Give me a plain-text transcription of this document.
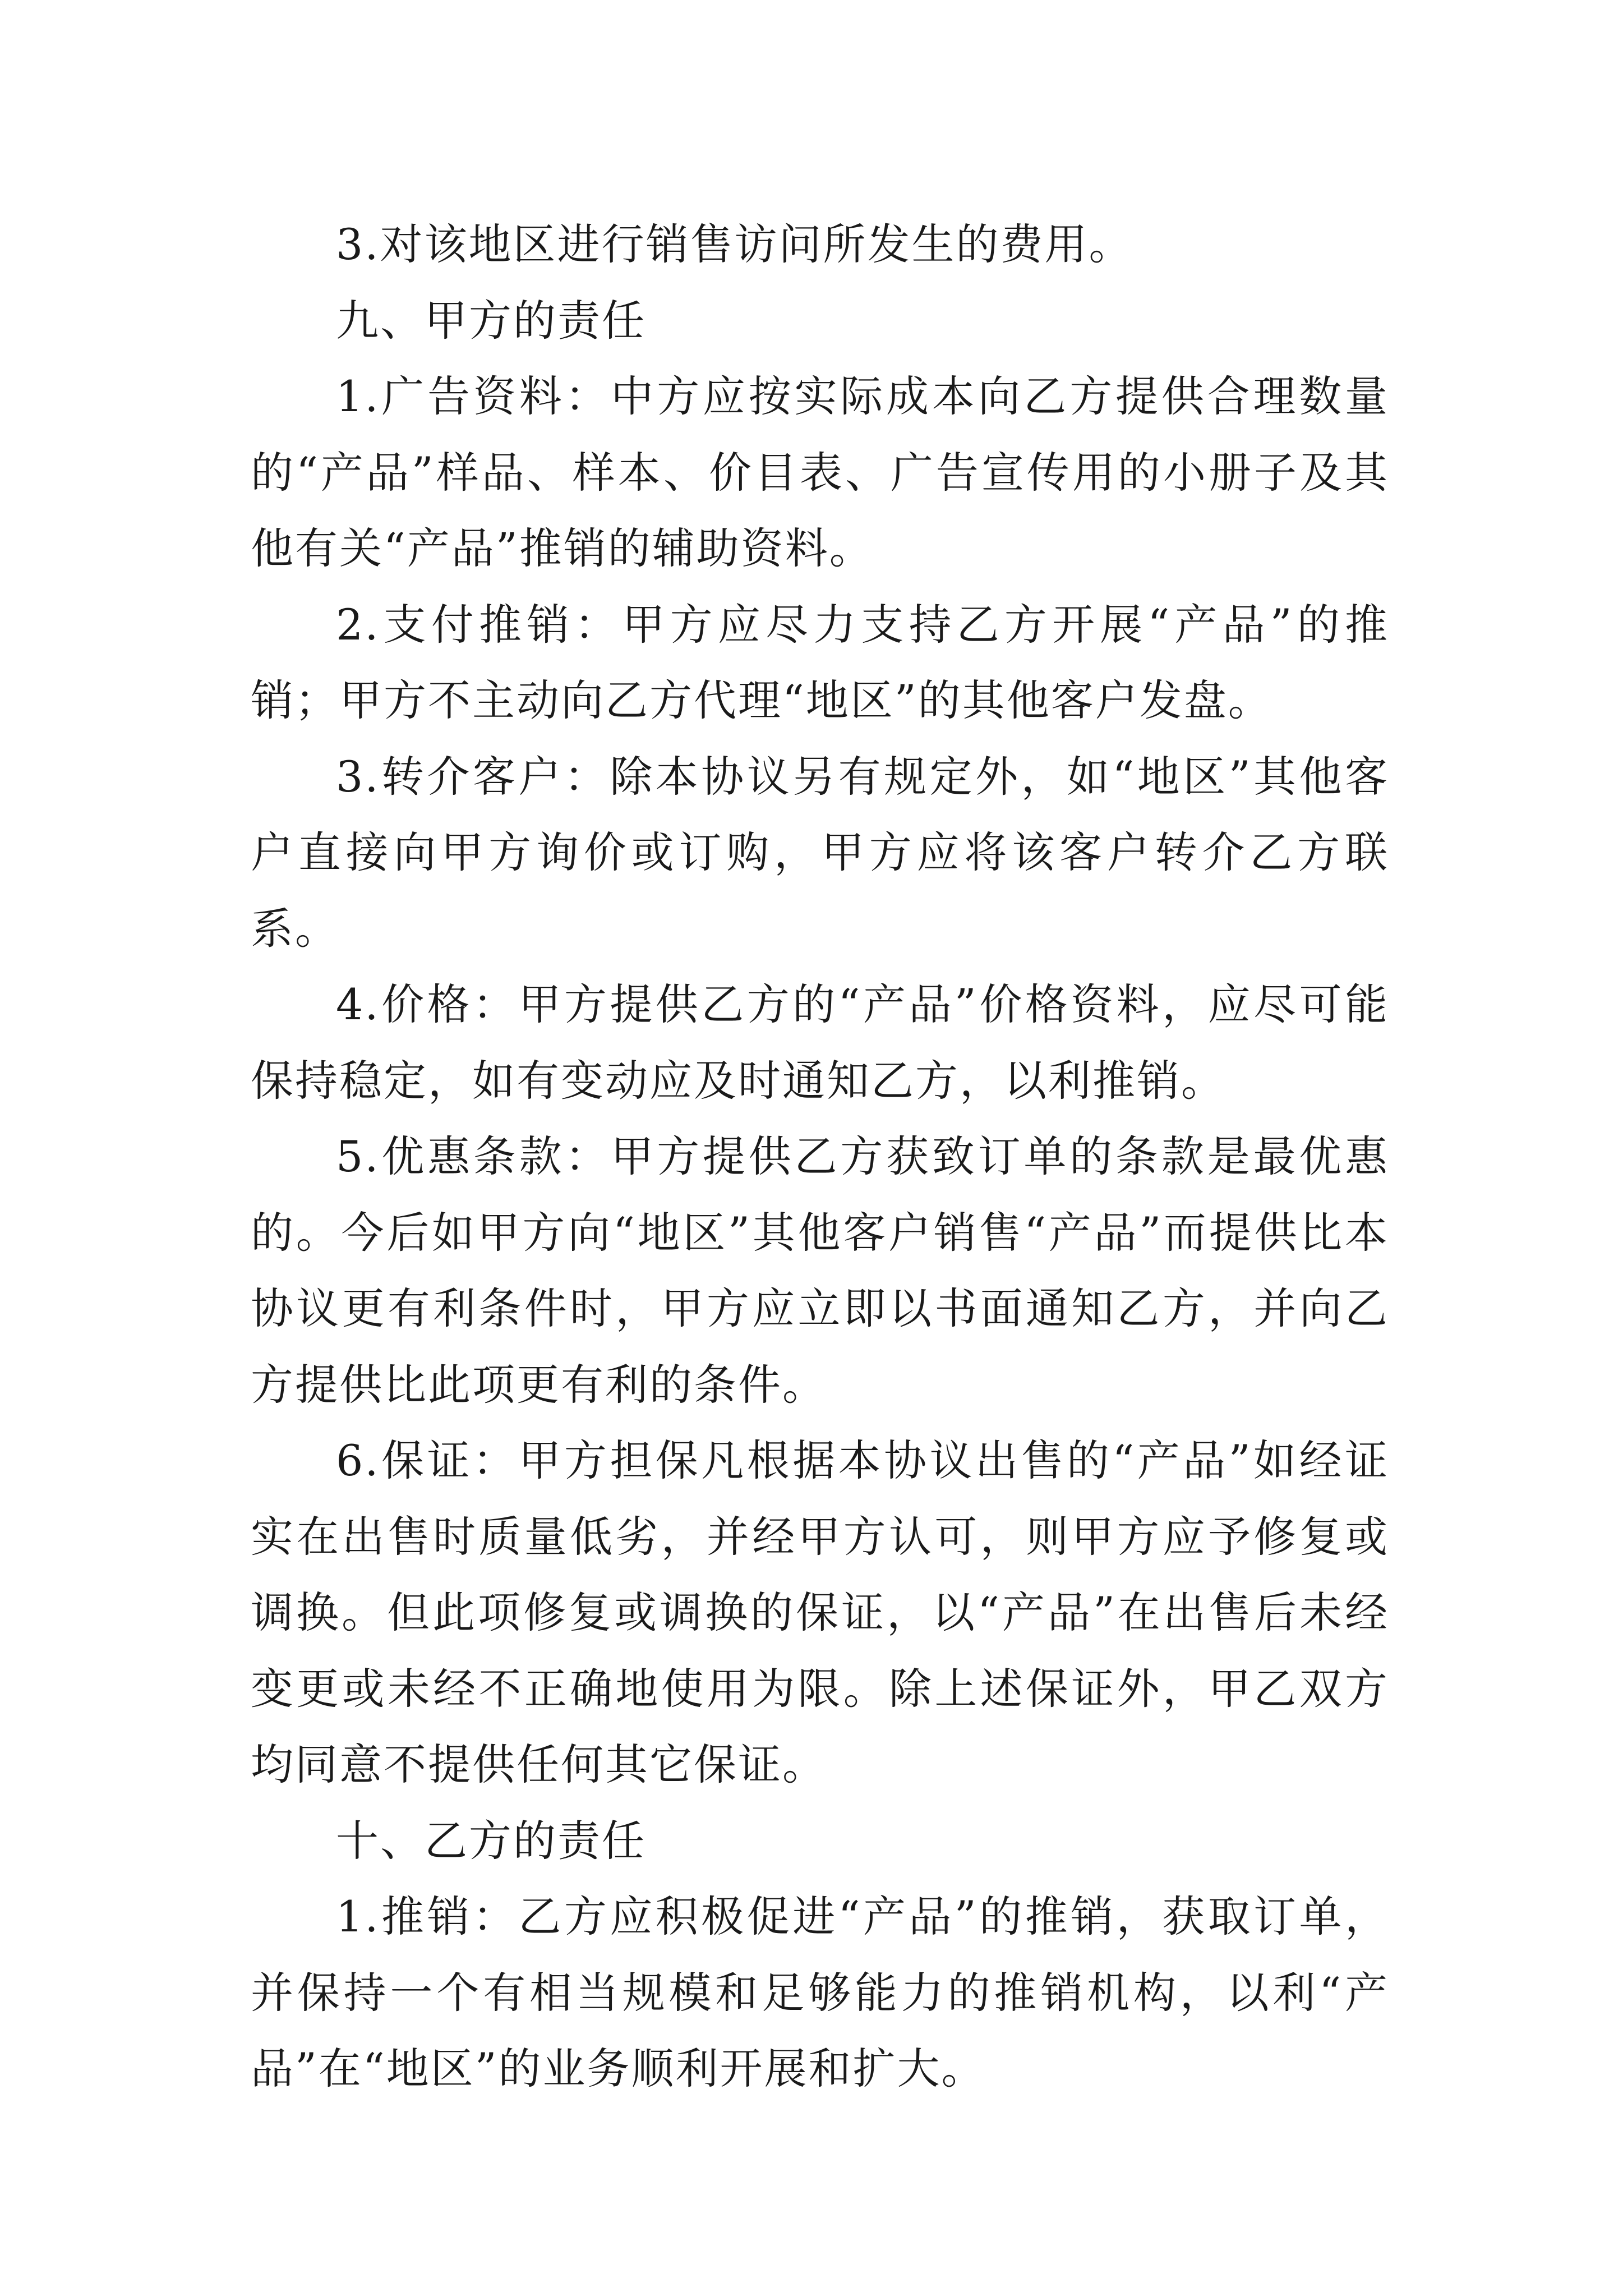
3.对该地区进行销售访问所发生的费用。

九、甲方的责任

1.广告资料：中方应按实际成本向乙方提供合理数量的“产品”样品、样本、价目表、广告宣传用的小册子及其他有关“产品”推销的辅助资料。

2.支付推销：甲方应尽力支持乙方开展“产品”的推销；甲方不主动向乙方代理“地区”的其他客户发盘。

3.转介客户：除本协议另有规定外，如“地区”其他客户直接向甲方询价或订购，甲方应将该客户转介乙方联系。

4.价格：甲方提供乙方的“产品”价格资料，应尽可能保持稳定，如有变动应及时通知乙方，以利推销。

5.优惠条款：甲方提供乙方获致订单的条款是最优惠的。今后如甲方向“地区”其他客户销售“产品”而提供比本协议更有利条件时，甲方应立即以书面通知乙方，并向乙方提供比此项更有利的条件。

6.保证：甲方担保凡根据本协议出售的“产品”如经证实在出售时质量低劣，并经甲方认可，则甲方应予修复或调换。但此项修复或调换的保证，以“产品”在出售后未经变更或未经不正确地使用为限。除上述保证外，甲乙双方均同意不提供任何其它保证。

十、乙方的责任

1.推销：乙方应积极促进“产品”的推销，获取订单，并保持一个有相当规模和足够能力的推销机构，以利“产品”在“地区”的业务顺利开展和扩大。
